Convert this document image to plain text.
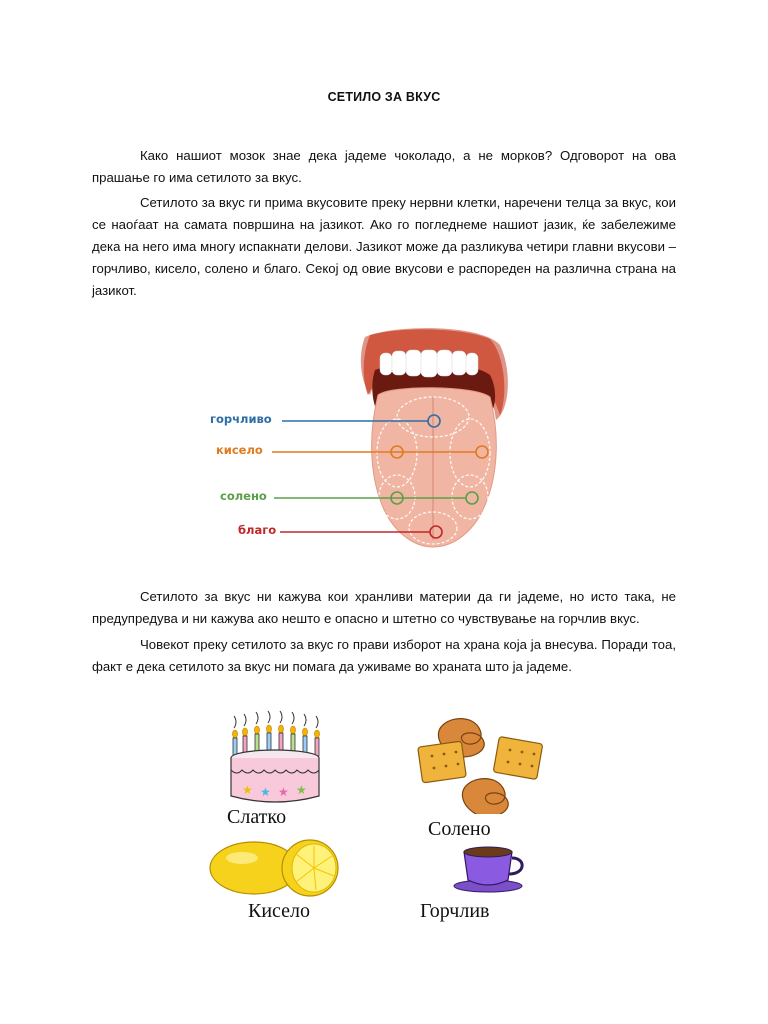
СЕТИЛО ЗА ВКУС

Како нашиот мозок знае дека јадеме чоколадо, а не морков? Одговорот на ова прашање го има сетилото за вкус.

Сетилото за вкус ги прима вкусовите преку нервни клетки, наречени телца за вкус, кои се наоѓаат на самата површина на јазикот. Ако го погледнеме нашиот јазик, ќе забележиме дека на него има многу испакнати делови. Јазикот може да разликува четири главни вкусови – горчливо, кисело, солено и благо. Секој од овие вкусови е распореден на различна страна на јазикот.

горчливо
кисело
солено
благо

Сетилото за вкус ни кажува кои хранливи материи да ги јадеме, но исто така, не предупредува и ни кажува ако нешто е опасно и штетно со чувствување на горчлив вкус.

Човекот преку сетилото за вкус го прави изборот на храна која ја внесува. Поради тоа, факт е дека сетилото за вкус ни помага да уживаме во храната што ја јадеме.

★ ★ ★ ★
Слатко
Солено
Кисело	Горчлив
